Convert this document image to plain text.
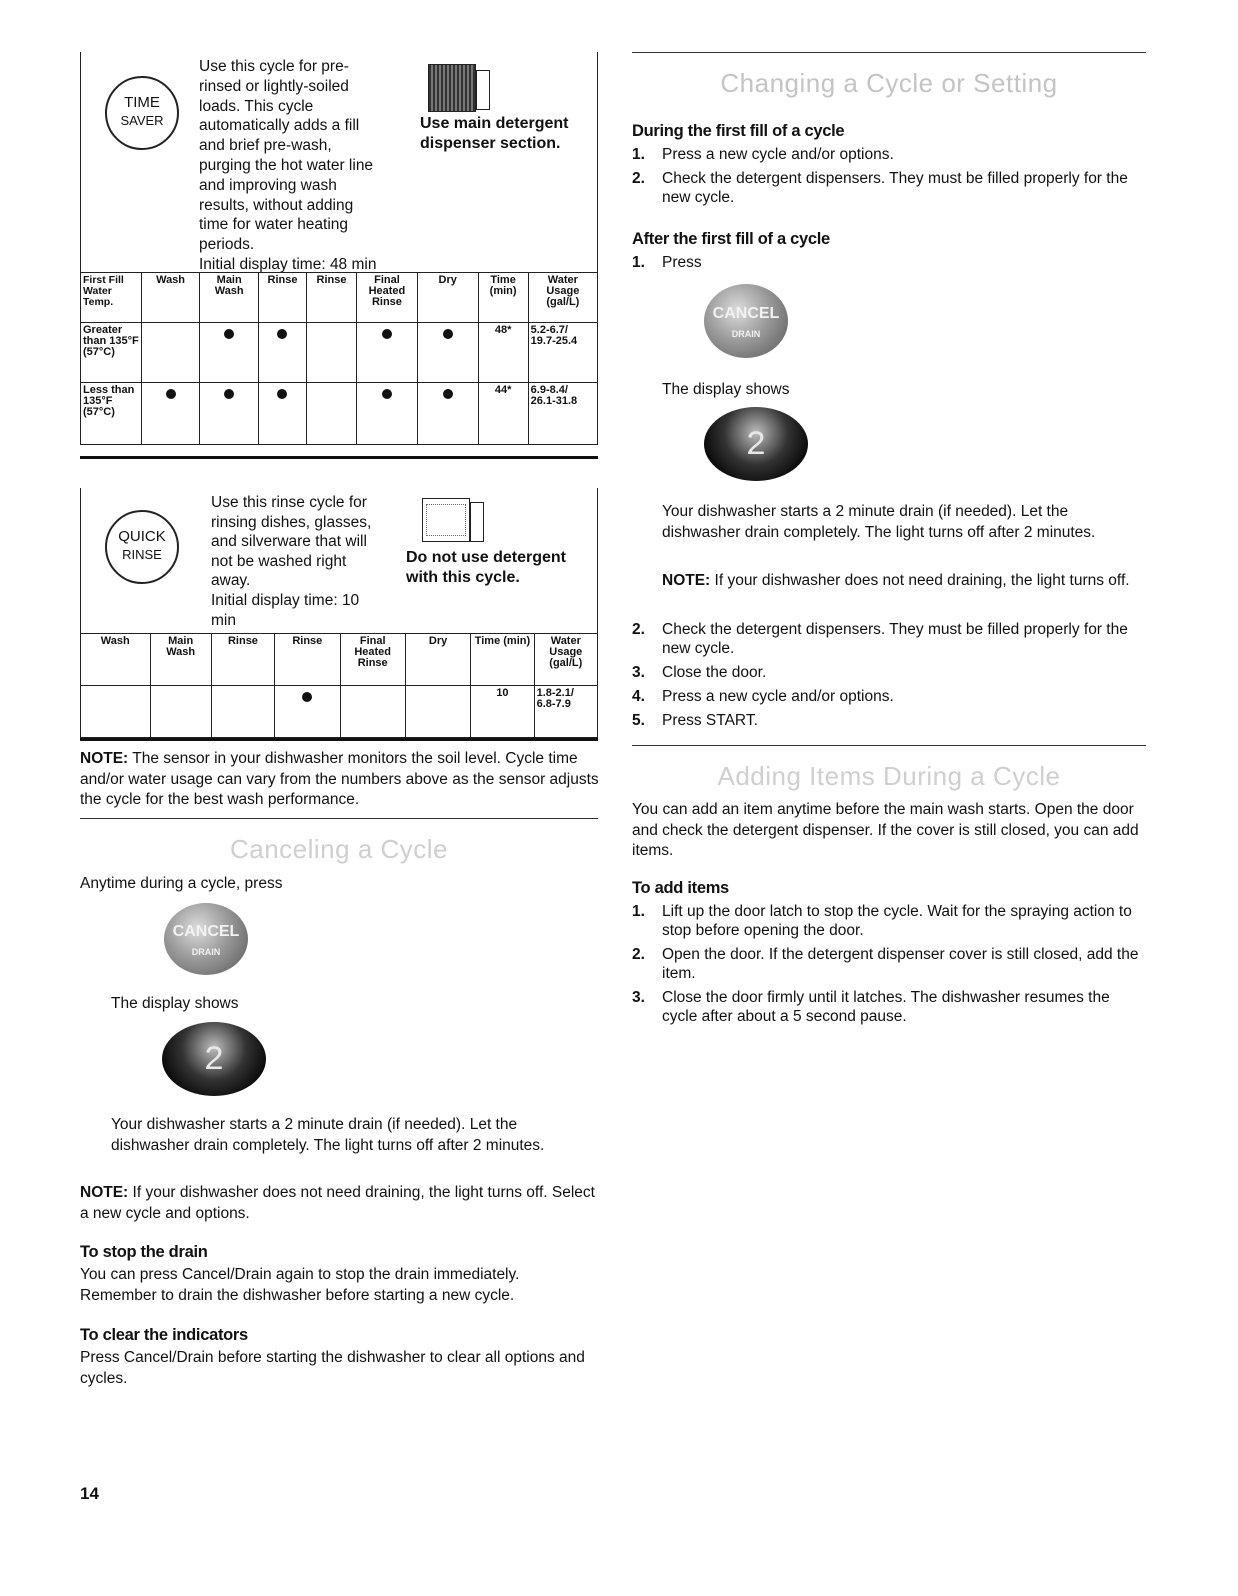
TIME
SAVER
Use this cycle for pre-
rinsed or lightly-soiled
loads. This cycle
automatically adds a fill
and brief pre-wash,
purging the hot water line
and improving wash
results, without adding
time for water heating
periods.
Initial display time: 48 min
Use main detergent dispenser section.
First Fill Water Temp.	Wash	Main Wash	Rinse	Rinse	Final Heated Rinse	Dry	Time (min)	Water Usage (gal/L)
Greater than 135°F (57°C)							48*	5.2-6.7/ 19.7-25.4
Less than 135°F (57°C)							44*	6.9-8.4/ 26.1-31.8
QUICK
RINSE
Use this rinse cycle for
rinsing dishes, glasses,
and silverware that will
not be washed right
away.
Initial display time: 10
min
Do not use detergent with this cycle.
Wash	Main Wash	Rinse	Rinse	Final Heated Rinse	Dry	Time (min)	Water Usage (gal/L)
						10	1.8-2.1/ 6.8-7.9
NOTE: The sensor in your dishwasher monitors the soil level. Cycle time and/or water usage can vary from the numbers above as the sensor adjusts the cycle for the best wash performance.
Canceling a Cycle
Anytime during a cycle, press
CANCEL
DRAIN
The display shows
2
Your dishwasher starts a 2 minute drain (if needed). Let the dishwasher drain completely. The light turns off after 2 minutes.
NOTE: If your dishwasher does not need draining, the light turns off. Select a new cycle and options.
To stop the drain
You can press Cancel/Drain again to stop the drain immediately. Remember to drain the dishwasher before starting a new cycle.
To clear the indicators
Press Cancel/Drain before starting the dishwasher to clear all options and cycles.
14
Changing a Cycle or Setting
During the first fill of a cycle
1. Press a new cycle and/or options.
2. Check the detergent dispensers. They must be filled properly for the new cycle.
After the first fill of a cycle
1. Press
CANCEL
DRAIN
The display shows
2
Your dishwasher starts a 2 minute drain (if needed). Let the dishwasher drain completely. The light turns off after 2 minutes.
NOTE: If your dishwasher does not need draining, the light turns off.
2. Check the detergent dispensers. They must be filled properly for the new cycle.
3. Close the door.
4. Press a new cycle and/or options.
5. Press START.
Adding Items During a Cycle
You can add an item anytime before the main wash starts. Open the door and check the detergent dispenser. If the cover is still closed, you can add items.
To add items
1. Lift up the door latch to stop the cycle. Wait for the spraying action to stop before opening the door.
2. Open the door. If the detergent dispenser cover is still closed, add the item.
3. Close the door firmly until it latches. The dishwasher resumes the cycle after about a 5 second pause.
